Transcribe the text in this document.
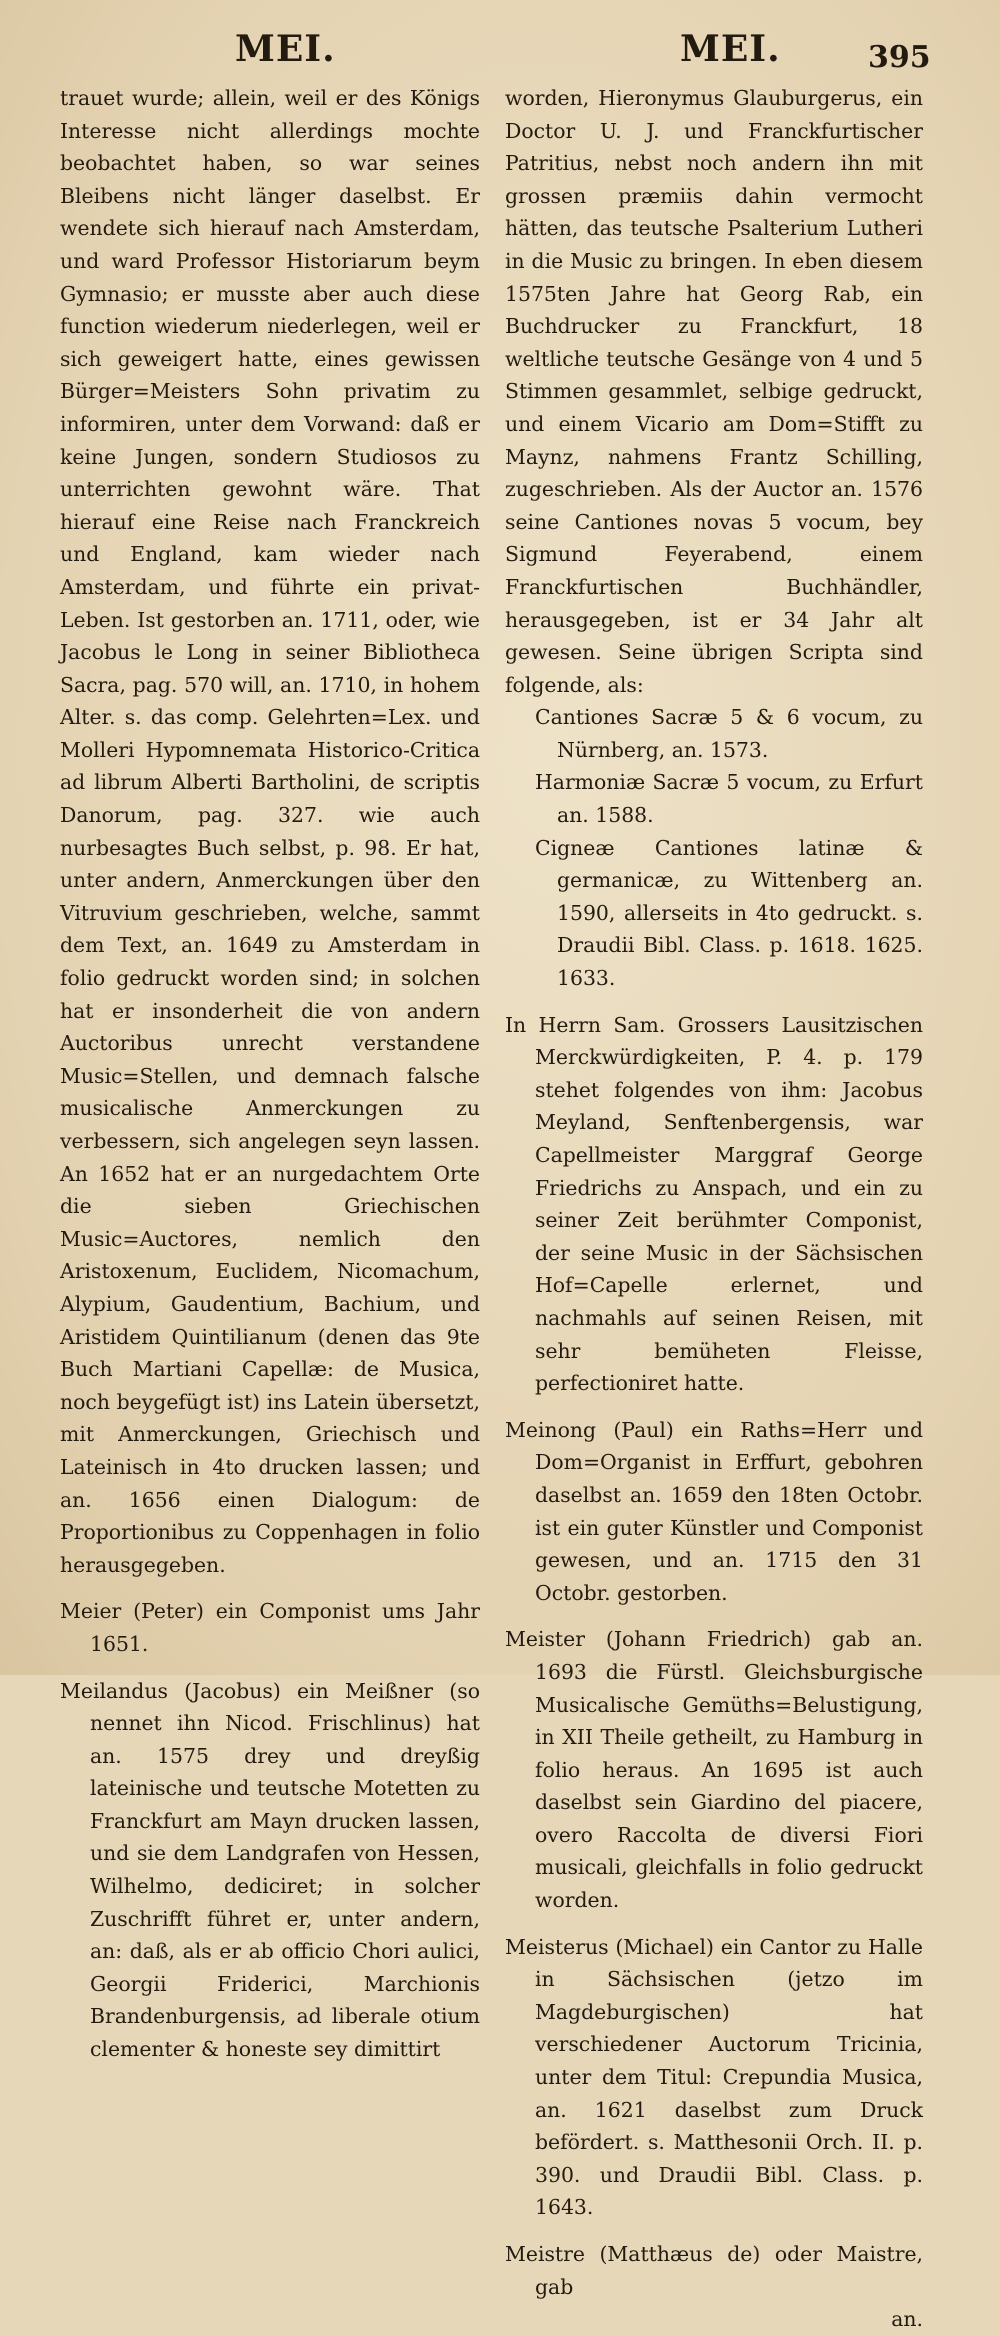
MEI.	MEI.	395

trauet wurde; allein, weil er des Königs Interesse nicht allerdings mochte beobachtet haben, so war seines Bleibens nicht länger daselbst. Er wendete sich hierauf nach Amsterdam, und ward Professor Historiarum beym Gymnasio; er musste aber auch diese function wiederum niederlegen, weil er sich geweigert hatte, eines gewissen Bürger=Meisters Sohn privatim zu informiren, unter dem Vorwand: daß er keine Jungen, sondern Studiosos zu unterrichten gewohnt wäre. That hierauf eine Reise nach Franckreich und England, kam wieder nach Amsterdam, und führte ein privat-Leben. Ist gestorben an. 1711, oder, wie Jacobus le Long in seiner Bibliotheca Sacra, pag. 570 will, an. 1710, in hohem Alter. s. das comp. Gelehrten=Lex. und Molleri Hypomnemata Historico-Critica ad librum Alberti Bartholini, de scriptis Danorum, pag. 327. wie auch nurbesagtes Buch selbst, p. 98. Er hat, unter andern, Anmerckungen über den Vitruvium geschrieben, welche, sammt dem Text, an. 1649 zu Amsterdam in folio gedruckt worden sind; in solchen hat er insonderheit die von andern Auctoribus unrecht verstandene Music=Stellen, und demnach falsche musicalische Anmerckungen zu verbessern, sich angelegen seyn lassen. An 1652 hat er an nurgedachtem Orte die sieben Griechischen Music=Auctores, nemlich den Aristoxenum, Euclidem, Nicomachum, Alypium, Gaudentium, Bachium, und Aristidem Quintilianum (denen das 9te Buch Martiani Capellæ: de Musica, noch beygefügt ist) ins Latein übersetzt, mit Anmerckungen, Griechisch und Lateinisch in 4to drucken lassen; und an. 1656 einen Dialogum: de Proportionibus zu Coppenhagen in folio herausgegeben.

Meier (Peter) ein Componist ums Jahr 1651.

Meilandus (Jacobus) ein Meißner (so nennet ihn Nicod. Frischlinus) hat an. 1575 drey und dreyßig lateinische und teutsche Motetten zu Franckfurt am Mayn drucken lassen, und sie dem Landgrafen von Hessen, Wilhelmo, dediciret; in solcher Zuschrifft führet er, unter andern, an: daß, als er ab officio Chori aulici, Georgii Friderici, Marchionis Brandenburgensis, ad liberale otium clementer & honeste sey dimittirt

worden, Hieronymus Glauburgerus, ein Doctor U. J. und Franckfurtischer Patritius, nebst noch andern ihn mit grossen præmiis dahin vermocht hätten, das teutsche Psalterium Lutheri in die Music zu bringen. In eben diesem 1575ten Jahre hat Georg Rab, ein Buchdrucker zu Franckfurt, 18 weltliche teutsche Gesänge von 4 und 5 Stimmen gesammlet, selbige gedruckt, und einem Vicario am Dom=Stifft zu Maynz, nahmens Frantz Schilling, zugeschrieben. Als der Auctor an. 1576 seine Cantiones novas 5 vocum, bey Sigmund Feyerabend, einem Franckfurtischen Buchhändler, herausgegeben, ist er 34 Jahr alt gewesen. Seine übrigen Scripta sind folgende, als:

Cantiones Sacræ 5 & 6 vocum, zu Nürnberg, an. 1573.

Harmoniæ Sacræ 5 vocum, zu Erfurt an. 1588.

Cigneæ Cantiones latinæ & germanicæ, zu Wittenberg an. 1590, allerseits in 4to gedruckt. s. Draudii Bibl. Class. p. 1618. 1625. 1633.

In Herrn Sam. Grossers Lausitzischen Merckwürdigkeiten, P. 4. p. 179 stehet folgendes von ihm: Jacobus Meyland, Senftenbergensis, war Capellmeister Marggraf George Friedrichs zu Anspach, und ein zu seiner Zeit berühmter Componist, der seine Music in der Sächsischen Hof=Capelle erlernet, und nachmahls auf seinen Reisen, mit sehr bemüheten Fleisse, perfectioniret hatte.

Meinong (Paul) ein Raths=Herr und Dom=Organist in Erffurt, gebohren daselbst an. 1659 den 18ten Octobr. ist ein guter Künstler und Componist gewesen, und an. 1715 den 31 Octobr. gestorben.

Meister (Johann Friedrich) gab an. 1693 die Fürstl. Gleichsburgische Musicalische Gemüths=Belustigung, in XII Theile getheilt, zu Hamburg in folio heraus. An 1695 ist auch daselbst sein Giardino del piacere, overo Raccolta de diversi Fiori musicali, gleichfalls in folio gedruckt worden.

Meisterus (Michael) ein Cantor zu Halle in Sächsischen (jetzo im Magdeburgischen) hat verschiedener Auctorum Tricinia, unter dem Titul: Crepundia Musica, an. 1621 daselbst zum Druck befördert. s. Matthesonii Orch. II. p. 390. und Draudii Bibl. Class. p. 1643.

Meistre (Matthæus de) oder Maistre, gab

an.
